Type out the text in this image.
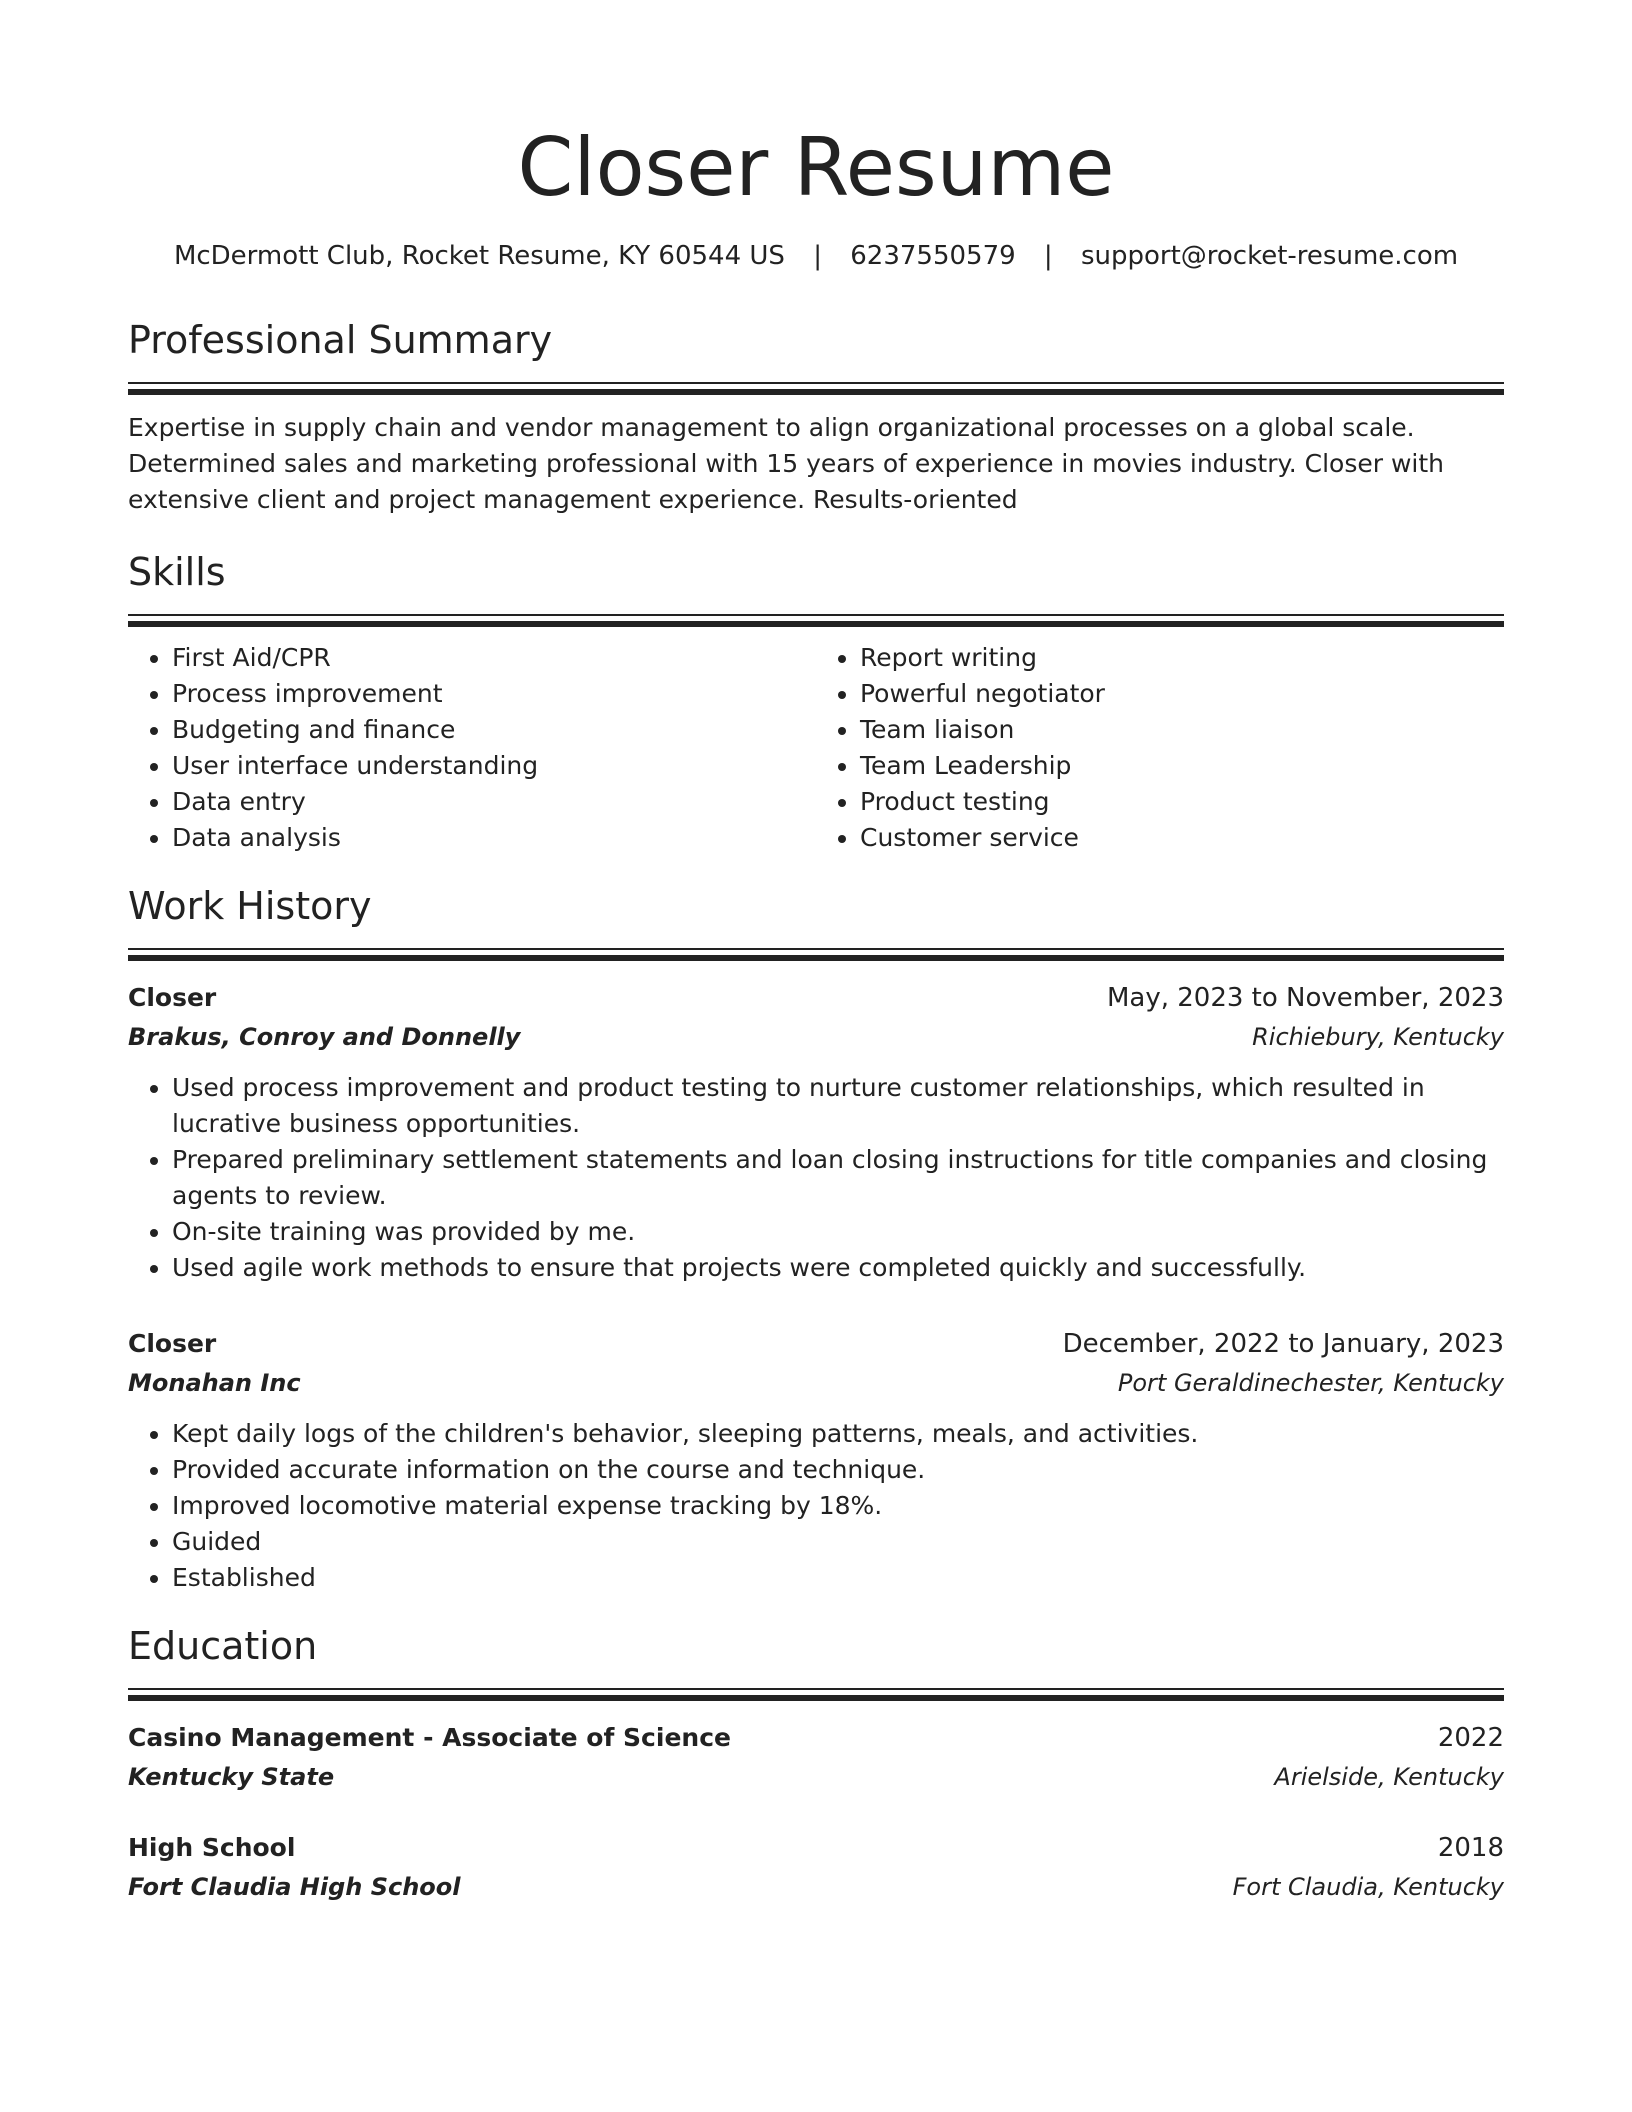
Closer Resume
McDermott Club, Rocket Resume, KY 60544 US | 6237550579 | support@rocket-resume.com
Professional Summary
Expertise in supply chain and vendor management to align organizational processes on a global scale. Determined sales and marketing professional with 15 years of experience in movies industry. Closer with extensive client and project management experience. Results-oriented
Skills
• First Aid/CPR
• Process improvement
• Budgeting and finance
• User interface understanding
• Data entry
• Data analysis
• Report writing
• Powerful negotiator
• Team liaison
• Team Leadership
• Product testing
• Customer service
Work History
Closer	May, 2023 to November, 2023
Brakus, Conroy and Donnelly	Richiebury, Kentucky
• Used process improvement and product testing to nurture customer relationships, which resulted in lucrative business opportunities.
• Prepared preliminary settlement statements and loan closing instructions for title companies and closing agents to review.
• On-site training was provided by me.
• Used agile work methods to ensure that projects were completed quickly and successfully.
Closer	December, 2022 to January, 2023
Monahan Inc	Port Geraldinechester, Kentucky
• Kept daily logs of the children's behavior, sleeping patterns, meals, and activities.
• Provided accurate information on the course and technique.
• Improved locomotive material expense tracking by 18%.
• Guided
• Established
Education
Casino Management - Associate of Science	2022
Kentucky State	Arielside, Kentucky
High School	2018
Fort Claudia High School	Fort Claudia, Kentucky
